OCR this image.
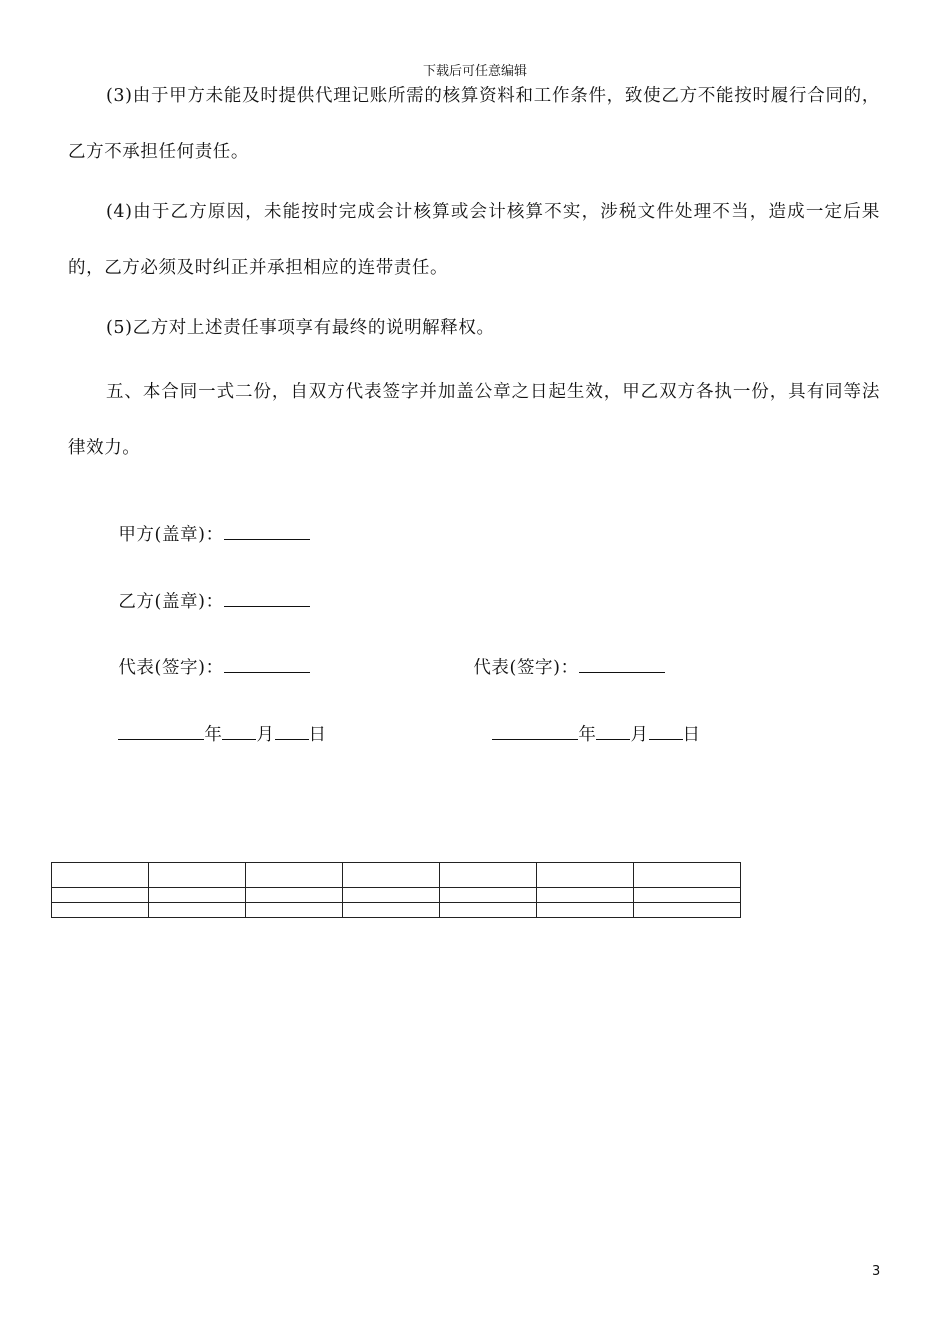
下载后可任意编辑

(3)由于甲方未能及时提供代理记账所需的核算资料和工作条件，致使乙方不能按时履行合同的，乙方不承担任何责任。

(4)由于乙方原因，未能按时完成会计核算或会计核算不实，涉税文件处理不当，造成一定后果的，乙方必须及时纠正并承担相应的连带责任。

(5)乙方对上述责任事项享有最终的说明解释权。

五、本合同一式二份，自双方代表签字并加盖公章之日起生效，甲乙双方各执一份，具有同等法律效力。

甲方(盖章)：

乙方(盖章)：

代表(签字)：	代表(签字)：

年 月 日	年 月 日

3
